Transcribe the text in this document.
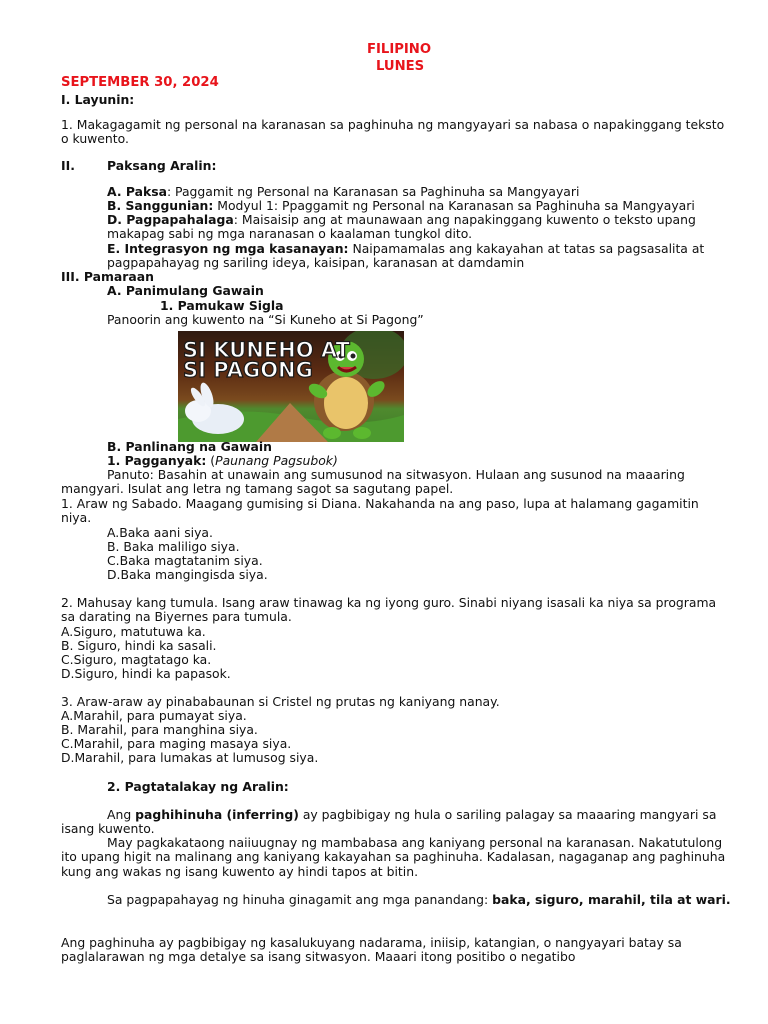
FILIPINO
LUNES
SEPTEMBER 30, 2024
I. Layunin:
1. Makagagamit ng personal na karanasan sa paghinuha ng mangyayari sa nabasa o napakinggang teksto o kuwento.
II.	Paksang Aralin:
A. Paksa: Paggamit ng Personal na Karanasan sa Paghinuha sa Mangyayari
B. Sanggunian: Modyul 1: Ppaggamit ng Personal na Karanasan sa Paghinuha sa Mangyayari
D. Pagpapahalaga: Maisaisip ang at maunawaan ang napakinggang kuwento o teksto upang makapag sabi ng mga naranasan o kaalaman tungkol dito.
E. Integrasyon ng mga kasanayan: Naipamamalas ang kakayahan at tatas sa pagsasalita at pagpapahayag ng sariling ideya, kaisipan, karanasan at damdamin
III. Pamaraan
A. Panimulang Gawain
1. Pamukaw Sigla
Panoorin ang kuwento na “Si Kuneho at Si Pagong”
SI KUNEHO AT
SI PAGONG
B. Panlinang na Gawain
1. Pagganyak: (Paunang Pagsubok)
Panuto: Basahin at unawain ang sumusunod na sitwasyon. Hulaan ang susunod na maaaring mangyari. Isulat ang letra ng tamang sagot sa sagutang papel.
1. Araw ng Sabado. Maagang gumising si Diana. Nakahanda na ang paso, lupa at halamang gagamitin niya.
A.Baka aani siya.
B. Baka maliligo siya.
C.Baka magtatanim siya.
D.Baka mangingisda siya.
2. Mahusay kang tumula. Isang araw tinawag ka ng iyong guro. Sinabi niyang isasali ka niya sa programa sa darating na Biyernes para tumula.
A.Siguro, matutuwa ka.
B. Siguro, hindi ka sasali.
C.Siguro, magtatago ka.
D.Siguro, hindi ka papasok.
3. Araw-araw ay pinababaunan si Cristel ng prutas ng kaniyang nanay.
A.Marahil, para pumayat siya.
B. Marahil, para manghina siya.
C.Marahil, para maging masaya siya.
D.Marahil, para lumakas at lumusog siya.
2. Pagtatalakay ng Aralin:
Ang paghihinuha (inferring) ay pagbibigay ng hula o sariling palagay sa maaaring mangyari sa isang kuwento.
May pagkakataong naiiuugnay ng mambabasa ang kaniyang personal na karanasan. Nakatutulong ito upang higit na malinang ang kaniyang kakayahan sa paghinuha. Kadalasan, nagaganap ang paghinuha kung ang wakas ng isang kuwento ay hindi tapos at bitin.
Sa pagpapahayag ng hinuha ginagamit ang mga panandang: baka, siguro, marahil, tila at wari.
Ang paghinuha ay pagbibigay ng kasalukuyang nadarama, iniisip, katangian, o nangyayari batay sa paglalarawan ng mga detalye sa isang sitwasyon. Maaari itong positibo o negatibo
